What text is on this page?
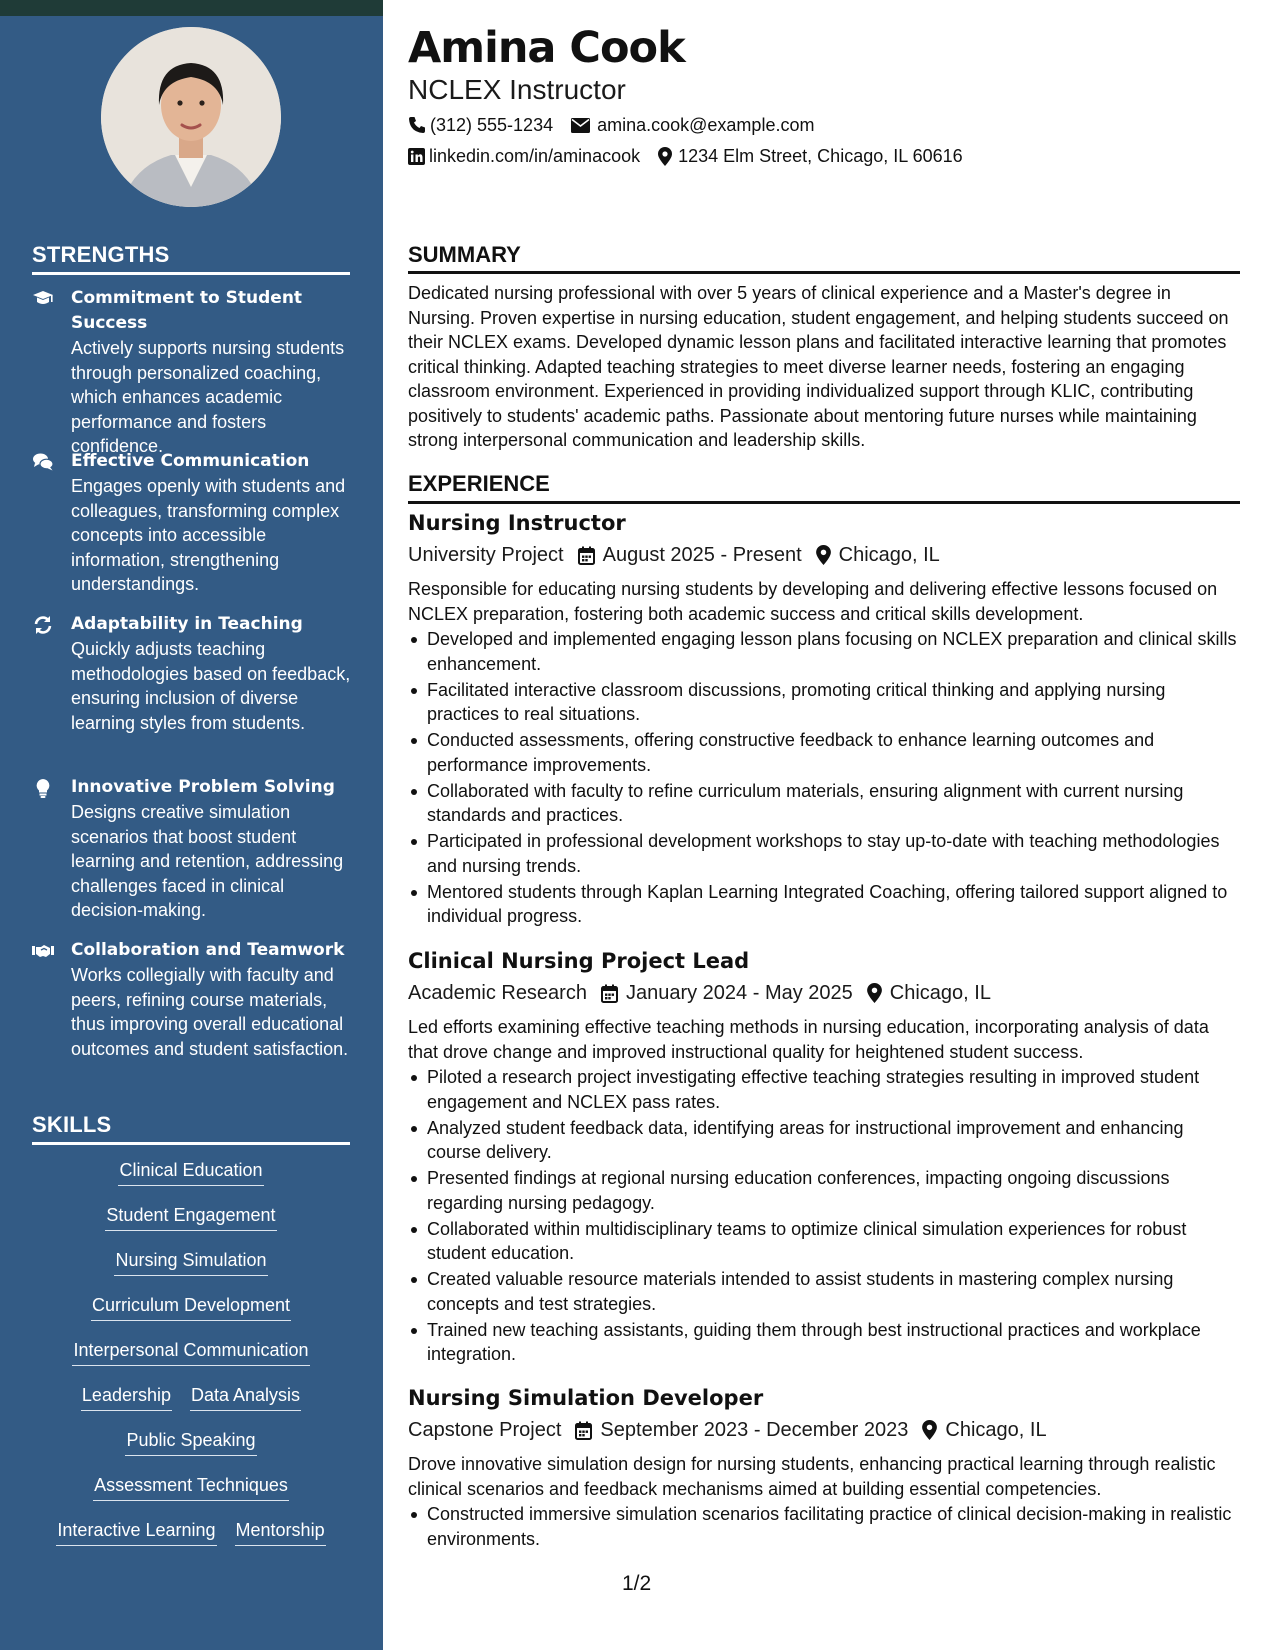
STRENGTHS
Commitment to Student Success
Actively supports nursing students through personalized coaching, which enhances academic performance and fosters confidence.
Effective Communication
Engages openly with students and colleagues, transforming complex concepts into accessible information, strengthening understandings.
Adaptability in Teaching
Quickly adjusts teaching methodologies based on feedback, ensuring inclusion of diverse learning styles from students.
Innovative Problem Solving
Designs creative simulation scenarios that boost student learning and retention, addressing challenges faced in clinical decision-making.
Collaboration and Teamwork
Works collegially with faculty and peers, refining course materials, thus improving overall educational outcomes and student satisfaction.
SKILLS
Clinical Education
Student Engagement
Nursing Simulation
Curriculum Development
Interpersonal Communication
Leadership Data Analysis
Public Speaking
Assessment Techniques
Interactive Learning Mentorship
Amina Cook
NCLEX Instructor
(312) 555-1234 amina.cook@example.com
linkedin.com/in/aminacook 1234 Elm Street, Chicago, IL 60616
SUMMARY
Dedicated nursing professional with over 5 years of clinical experience and a Master's degree in Nursing. Proven expertise in nursing education, student engagement, and helping students succeed on their NCLEX exams. Developed dynamic lesson plans and facilitated interactive learning that promotes critical thinking. Adapted teaching strategies to meet diverse learner needs, fostering an engaging classroom environment. Experienced in providing individualized support through KLIC, contributing positively to students' academic paths. Passionate about mentoring future nurses while maintaining strong interpersonal communication and leadership skills.
EXPERIENCE
Nursing Instructor
University Project August 2025 - Present Chicago, IL
Responsible for educating nursing students by developing and delivering effective lessons focused on NCLEX preparation, fostering both academic success and critical skills development.
Developed and implemented engaging lesson plans focusing on NCLEX preparation and clinical skills enhancement.
Facilitated interactive classroom discussions, promoting critical thinking and applying nursing practices to real situations.
Conducted assessments, offering constructive feedback to enhance learning outcomes and performance improvements.
Collaborated with faculty to refine curriculum materials, ensuring alignment with current nursing standards and practices.
Participated in professional development workshops to stay up-to-date with teaching methodologies and nursing trends.
Mentored students through Kaplan Learning Integrated Coaching, offering tailored support aligned to individual progress.
Clinical Nursing Project Lead
Academic Research January 2024 - May 2025 Chicago, IL
Led efforts examining effective teaching methods in nursing education, incorporating analysis of data that drove change and improved instructional quality for heightened student success.
Piloted a research project investigating effective teaching strategies resulting in improved student engagement and NCLEX pass rates.
Analyzed student feedback data, identifying areas for instructional improvement and enhancing course delivery.
Presented findings at regional nursing education conferences, impacting ongoing discussions regarding nursing pedagogy.
Collaborated within multidisciplinary teams to optimize clinical simulation experiences for robust student education.
Created valuable resource materials intended to assist students in mastering complex nursing concepts and test strategies.
Trained new teaching assistants, guiding them through best instructional practices and workplace integration.
Nursing Simulation Developer
Capstone Project September 2023 - December 2023 Chicago, IL
Drove innovative simulation design for nursing students, enhancing practical learning through realistic clinical scenarios and feedback mechanisms aimed at building essential competencies.
Constructed immersive simulation scenarios facilitating practice of clinical decision-making in realistic environments.
1/2
